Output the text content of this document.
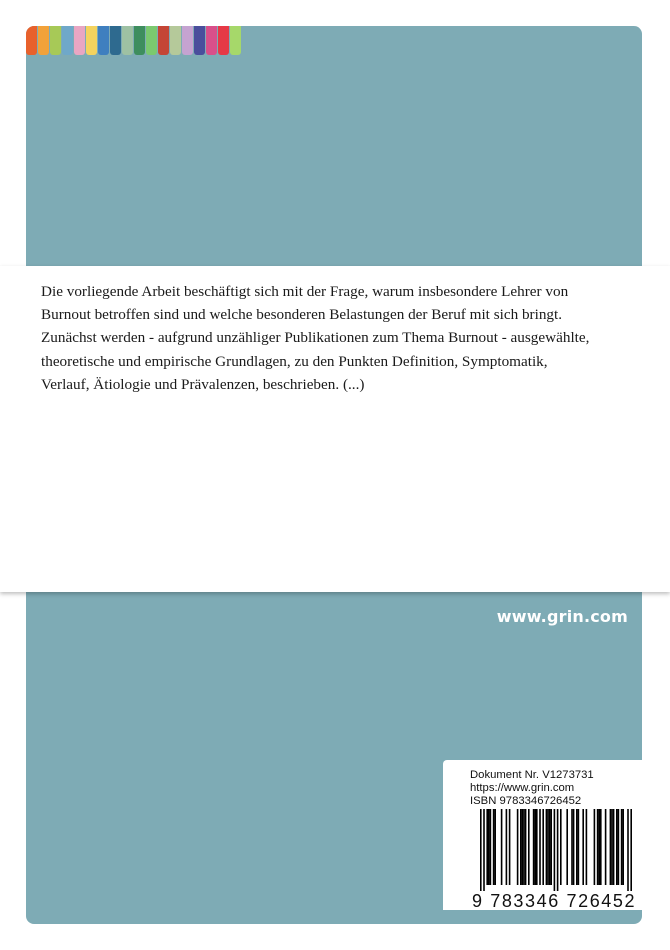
Die vorliegende Arbeit beschäftigt sich mit der Frage, warum insbesondere Lehrer von
Burnout betroffen sind und welche besonderen Belastungen der Beruf mit sich bringt.
Zunächst werden - aufgrund unzähliger Publikationen zum Thema Burnout - ausgewählte,
theoretische und empirische Grundlagen, zu den Punkten Definition, Symptomatik,
Verlauf, Ätiologie und Prävalenzen, beschrieben. (...)

www.grin.com
Dokument Nr. V1273731
https://www.grin.com
ISBN 9783346726452
9 783346 726452
